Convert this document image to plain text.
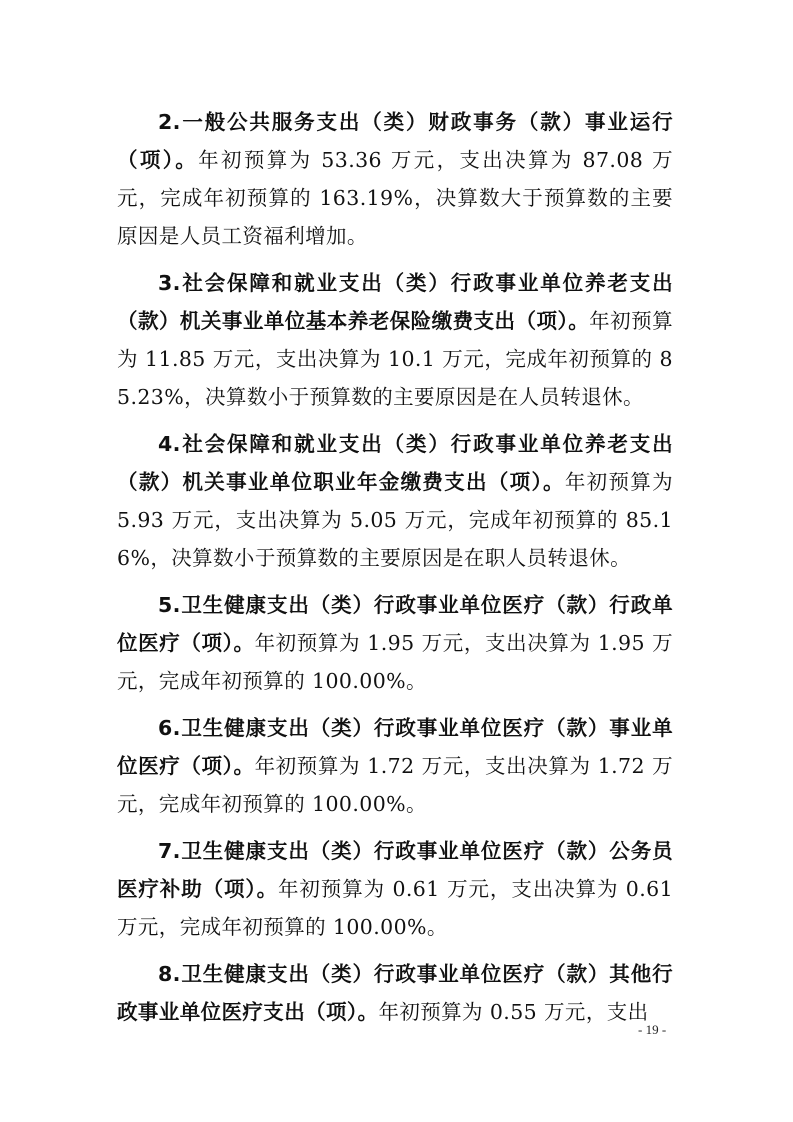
2.一般公共服务支出（类）财政事务（款）事业运行（项）。年初预算为 53.36 万元，支出决算为 87.08 万元，完成年初预算的 163.19%，决算数大于预算数的主要原因是人员工资福利增加。

3.社会保障和就业支出（类）行政事业单位养老支出（款）机关事业单位基本养老保险缴费支出（项）。年初预算为 11.85 万元，支出决算为 10.1 万元，完成年初预算的 85.23%，决算数小于预算数的主要原因是在人员转退休。

4.社会保障和就业支出（类）行政事业单位养老支出（款）机关事业单位职业年金缴费支出（项）。年初预算为 5.93 万元，支出决算为 5.05 万元，完成年初预算的 85.16%，决算数小于预算数的主要原因是在职人员转退休。

5.卫生健康支出（类）行政事业单位医疗（款）行政单位医疗（项）。年初预算为 1.95 万元，支出决算为 1.95 万元，完成年初预算的 100.00%。

6.卫生健康支出（类）行政事业单位医疗（款）事业单位医疗（项）。年初预算为 1.72 万元，支出决算为 1.72 万元，完成年初预算的 100.00%。

7.卫生健康支出（类）行政事业单位医疗（款）公务员医疗补助（项）。年初预算为 0.61 万元，支出决算为 0.61 万元，完成年初预算的 100.00%。

8.卫生健康支出（类）行政事业单位医疗（款）其他行政事业单位医疗支出（项）。年初预算为 0.55 万元，支出

- 19 -
